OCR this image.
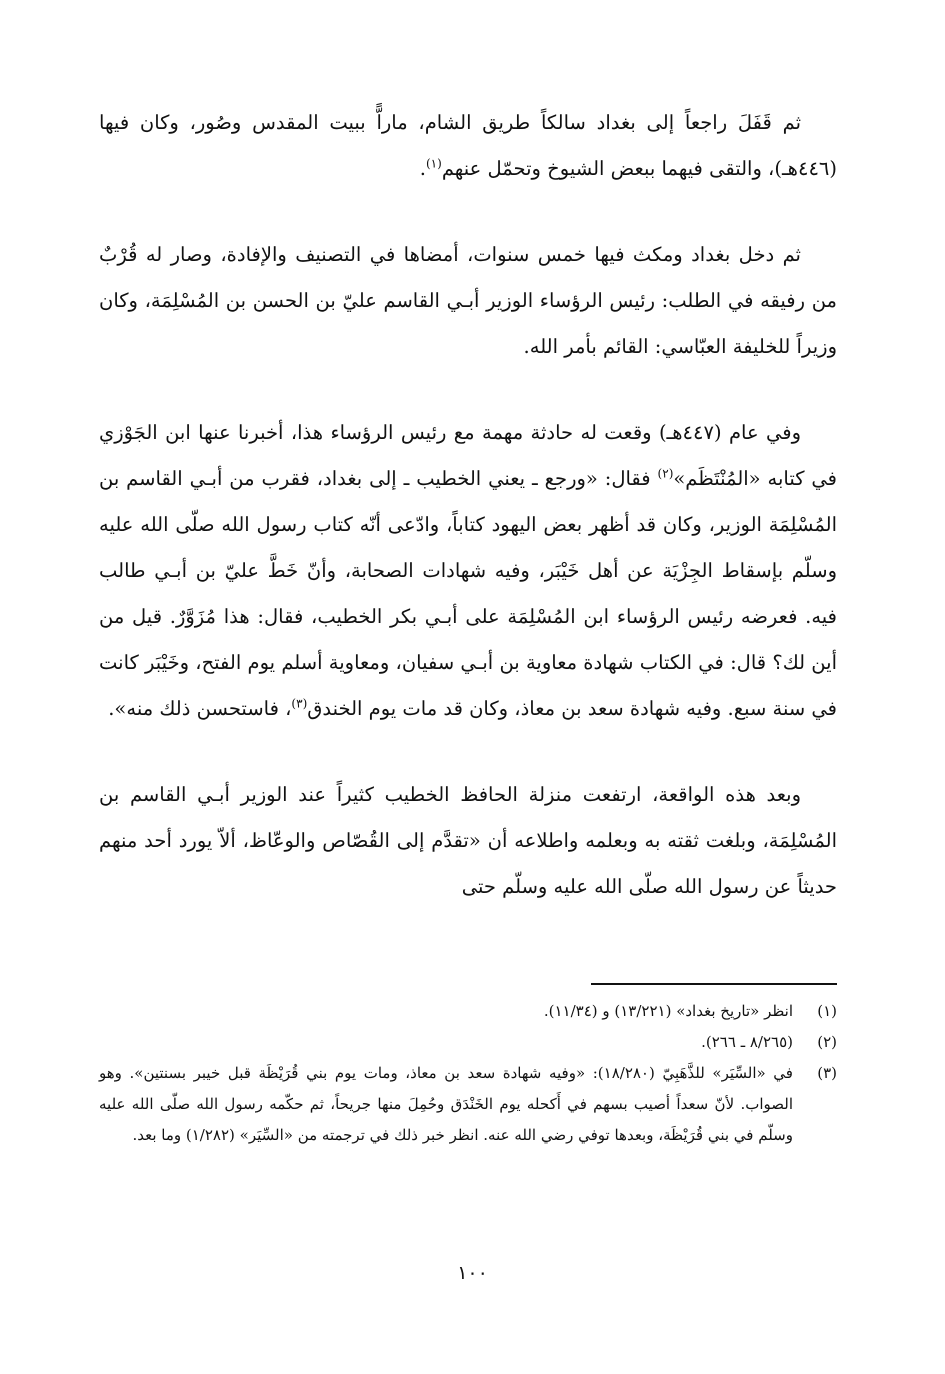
ثم قَفَلَ راجعاً إلى بغداد سالكاً طريق الشام، ماراًّ ببيت المقدس وصُور، وكان فيها (٤٤٦هـ)، والتقى فيهما ببعض الشيوخ وتحمّل عنهم$^{(١)}$.

ثم دخل بغداد ومكث فيها خمس سنوات، أمضاها في التصنيف والإفادة، وصار له قُرْبٌ من رفيقه في الطلب: رئيس الرؤساء الوزير أبـي القاسم عليّ بن الحسن بن المُسْلِمَة، وكان وزيراً للخليفة العبّاسي: القائم بأمر الله.

وفي عام (٤٤٧هـ) وقعت له حادثة مهمة مع رئيس الرؤساء هذا، أخبرنا عنها ابن الجَوْزي في كتابه «المُنْتَظَم»$^{(٢)}$ فقال: «ورجع ـ يعني الخطيب ـ إلى بغداد، فقرب من أبـي القاسم بن المُسْلِمَة الوزير، وكان قد أظهر بعض اليهود كتاباً، وادّعى أنّه كتاب رسول الله صلّى الله عليه وسلّم بإسقاط الجِزْيَة عن أهل خَيْبَر، وفيه شهادات الصحابة، وأنّ خَطَّ عليّ بن أبـي طالب فيه. فعرضه رئيس الرؤساء ابن المُسْلِمَة على أبـي بكر الخطيب، فقال: هذا مُزَوَّرٌ. قيل من أين لك؟ قال: في الكتاب شهادة معاوية بن أبـي سفيان، ومعاوية أسلم يوم الفتح، وخَيْبَر كانت في سنة سبع. وفيه شهادة سعد بن معاذ، وكان قد مات يوم الخندق$^{(٣)}$، فاستحسن ذلك منه».

وبعد هذه الواقعة، ارتفعت منزلة الحافظ الخطيب كثيراً عند الوزير أبـي القاسم بن المُسْلِمَة، وبلغت ثقته به وبعلمه واطلاعه أن «تقدَّم إلى القُصّاص والوعّاظ، ألاّ يورد أحد منهم حديثاً عن رسول الله صلّى الله عليه وسلّم حتى

(١)
انظر «تاريخ بغداد» (١٣/٢٢١) و (١١/٣٤).
(٢)
(٨/٢٦٥ ـ ٢٦٦).
(٣)
في «السِّيَر» للذَّهَبِيّ (١٨/٢٨٠): «وفيه شهادة سعد بن معاذ، ومات يوم بني قُرَيْظَة قبل خيبر بسنتين». وهو الصواب. لأنّ سعداً أصيب بسهم في أَكحله يوم الخَنْدَق وحُمِلَ منها جريحاً، ثم حكّمه رسول الله صلّى الله عليه وسلّم في بني قُرَيْظَة، وبعدها توفي رضي الله عنه. انظر خبر ذلك في ترجمته من «السِّيَر» (١/٢٨٢) وما بعد.
١٠٠
